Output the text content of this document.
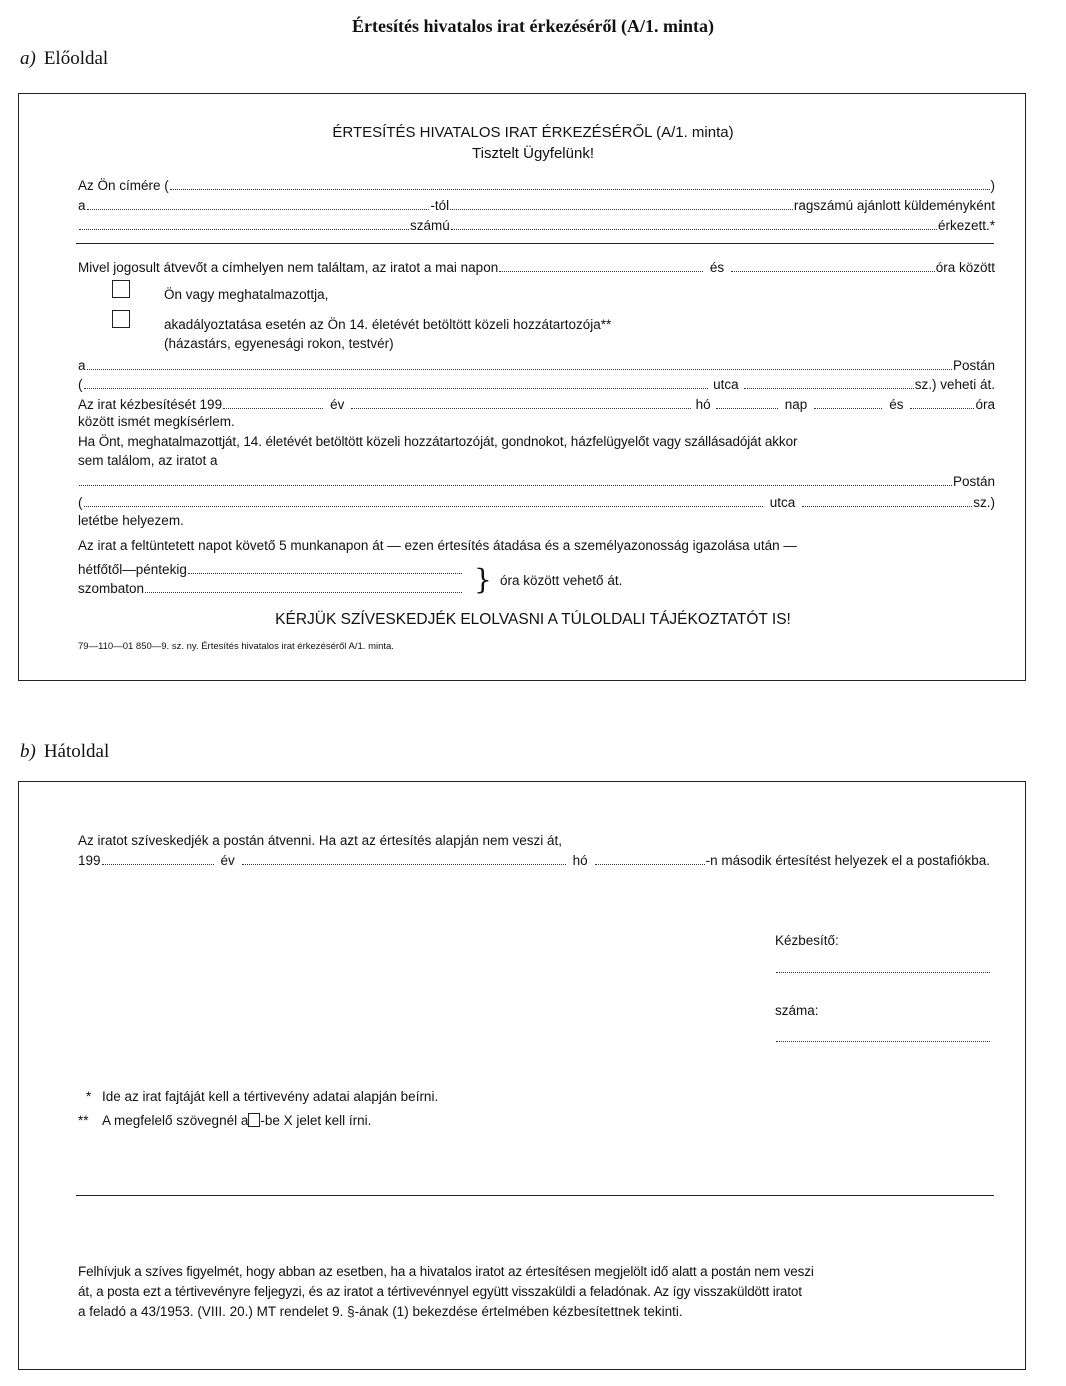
Értesítés hivatalos irat érkezéséről (A/1. minta)
a) Előoldal
ÉRTESÍTÉS HIVATALOS IRAT ÉRKEZÉSÉRŐL (A/1. minta)
Tisztelt Ügyfelünk!
Az Ön címére (	)
a	-tól	ragszámú ajánlott küldeményként
számú	érkezett.*
Mivel jogosult átvevőt a címhelyen nem találtam, az iratot a mai napon	és	óra között
Ön vagy meghatalmazottja,
akadályoztatása esetén az Ön 14. életévét betöltött közeli hozzátartozója**
(házastárs, egyenesági rokon, testvér)
a	Postán
(	utca	sz.) veheti át.
Az irat kézbesítését 199	év	hó	nap	és	óra
között ismét megkísérlem.
Ha Önt, meghatalmazottját, 14. életévét betöltött közeli hozzátartozóját, gondnokot, házfelügyelőt vagy szállásadóját akkor
sem találom, az iratot a
Postán
(	utca	sz.)
letétbe helyezem.
Az irat a feltüntetett napot követő 5 munkanapon át — ezen értesítés átadása és a személyazonosság igazolása után —
hétfőtől—péntekig
szombaton	} óra között vehető át.
KÉRJÜK SZÍVESKEDJÉK ELOLVASNI A TÚLOLDALI TÁJÉKOZTATÓT IS!
79—110—01 850—9. sz. ny. Értesítés hivatalos irat érkezéséről A/1. minta.
b) Hátoldal
Az iratot szíveskedjék a postán átvenni. Ha azt az értesítés alapján nem veszi át,
199	év	hó	-n második értesítést helyezek el a postafiókba.
Kézbesítő:
száma:
* Ide az irat fajtáját kell a tértivevény adatai alapján beírni.
** A megfelelő szövegnél a -be X jelet kell írni.
Felhívjuk a szíves figyelmét, hogy abban az esetben, ha a hivatalos iratot az értesítésen megjelölt idő alatt a postán nem veszi
át, a posta ezt a tértivevényre feljegyzi, és az iratot a tértivevénnyel együtt visszaküldi a feladónak. Az így visszaküldött iratot
a feladó a 43/1953. (VIII. 20.) MT rendelet 9. §-ának (1) bekezdése értelmében kézbesítettnek tekinti.
